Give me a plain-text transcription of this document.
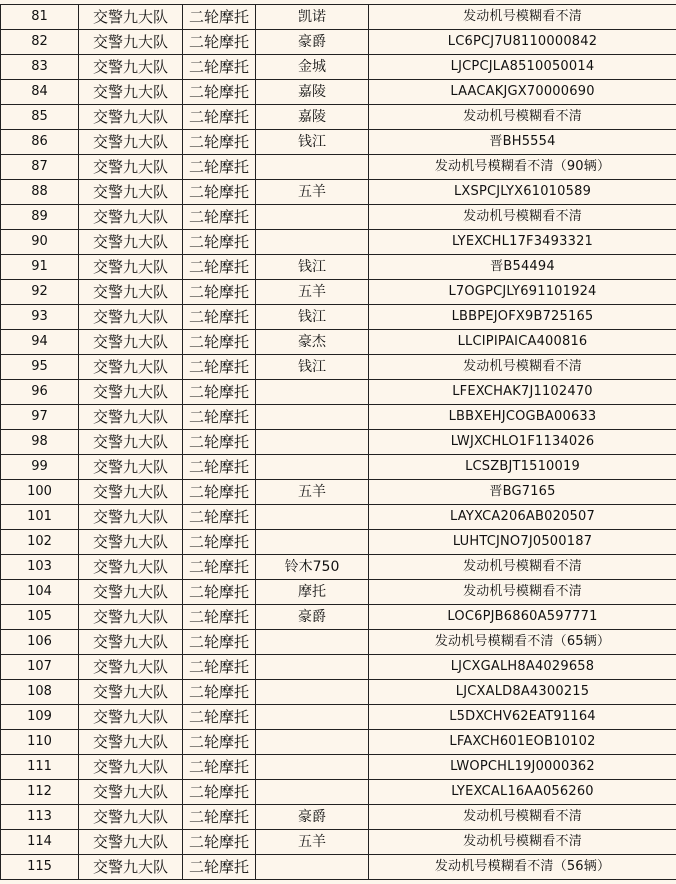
81	交警九大队	二轮摩托	凯诺	发动机号模糊看不清
82	交警九大队	二轮摩托	豪爵	LC6PCJ7U8110000842
83	交警九大队	二轮摩托	金城	LJCPCJLA8510050014
84	交警九大队	二轮摩托	嘉陵	LAACAKJGX70000690
85	交警九大队	二轮摩托	嘉陵	发动机号模糊看不清
86	交警九大队	二轮摩托	钱江	晋BH5554
87	交警九大队	二轮摩托		发动机号模糊看不清（90辆）
88	交警九大队	二轮摩托	五羊	LXSPCJLYX61010589
89	交警九大队	二轮摩托		发动机号模糊看不清
90	交警九大队	二轮摩托		LYEXCHL17F3493321
91	交警九大队	二轮摩托	钱江	晋B54494
92	交警九大队	二轮摩托	五羊	L7OGPCJLY691101924
93	交警九大队	二轮摩托	钱江	LBBPEJOFX9B725165
94	交警九大队	二轮摩托	豪杰	LLCIPIPAICA400816
95	交警九大队	二轮摩托	钱江	发动机号模糊看不清
96	交警九大队	二轮摩托		LFEXCHAK7J1102470
97	交警九大队	二轮摩托		LBBXEHJCOGBA00633
98	交警九大队	二轮摩托		LWJXCHLO1F1134026
99	交警九大队	二轮摩托		LCSZBJT1510019
100	交警九大队	二轮摩托	五羊	晋BG7165
101	交警九大队	二轮摩托		LAYXCA206AB020507
102	交警九大队	二轮摩托		LUHTCJNO7J0500187
103	交警九大队	二轮摩托	铃木750	发动机号模糊看不清
104	交警九大队	二轮摩托	摩托	发动机号模糊看不清
105	交警九大队	二轮摩托	豪爵	LOC6PJB6860A597771
106	交警九大队	二轮摩托		发动机号模糊看不清（65辆）
107	交警九大队	二轮摩托		LJCXGALH8A4029658
108	交警九大队	二轮摩托		LJCXALD8A4300215
109	交警九大队	二轮摩托		L5DXCHV62EAT91164
110	交警九大队	二轮摩托		LFAXCH601EOB10102
111	交警九大队	二轮摩托		LWOPCHL19J0000362
112	交警九大队	二轮摩托		LYEXCAL16AA056260
113	交警九大队	二轮摩托	豪爵	发动机号模糊看不清
114	交警九大队	二轮摩托	五羊	发动机号模糊看不清
115	交警九大队	二轮摩托		发动机号模糊看不清（56辆）
